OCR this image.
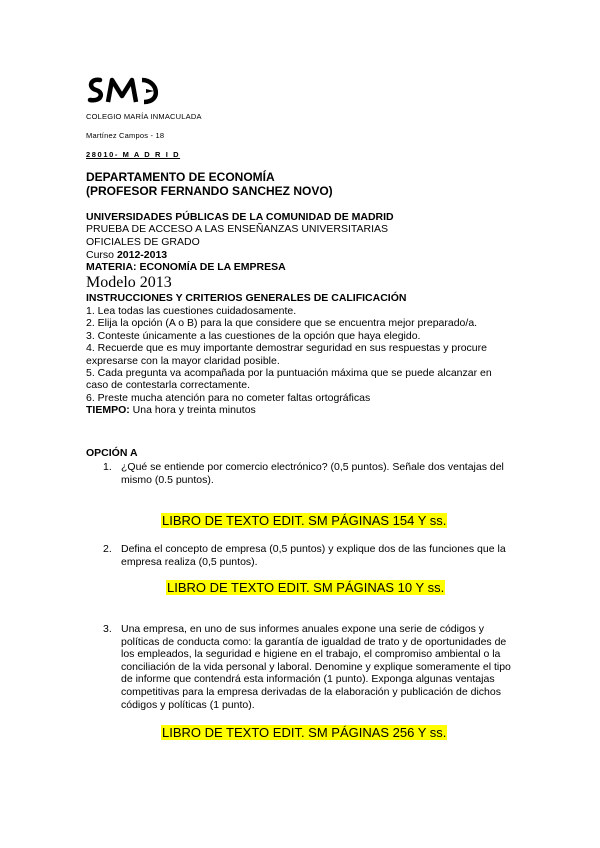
COLEGIO MARÍA INMACULADA
Martínez Campos - 18
28010- M A D R I D
DEPARTAMENTO DE ECONOMÍA
(PROFESOR FERNANDO SANCHEZ NOVO)
UNIVERSIDADES PÚBLICAS DE LA COMUNIDAD DE MADRID
PRUEBA DE ACCESO A LAS ENSEÑANZAS UNIVERSITARIAS
OFICIALES DE GRADO
Curso 2012-2013
MATERIA: ECONOMÍA DE LA EMPRESA
Modelo 2013
INSTRUCCIONES Y CRITERIOS GENERALES DE CALIFICACIÓN
1. Lea todas las cuestiones cuidadosamente.
2. Elija la opción (A o B) para la que considere que se encuentra mejor preparado/a.
3. Conteste únicamente a las cuestiones de la opción que haya elegido.
4. Recuerde que es muy importante demostrar seguridad en sus respuestas y procure
expresarse con la mayor claridad posible.
5. Cada pregunta va acompañada por la puntuación máxima que se puede alcanzar en
caso de contestarla correctamente.
6. Preste mucha atención para no cometer faltas ortográficas
TIEMPO: Una hora y treinta minutos
OPCIÓN A
1. ¿Qué se entiende por comercio electrónico? (0,5 puntos). Señale dos ventajas del mismo (0.5 puntos).
LIBRO DE TEXTO EDIT. SM PÁGINAS 154 Y ss.
2. Defina el concepto de empresa (0,5 puntos) y explique dos de las funciones que la empresa realiza (0,5 puntos).
LIBRO DE TEXTO EDIT. SM PÁGINAS 10 Y ss.
3. Una empresa, en uno de sus informes anuales expone una serie de códigos y políticas de conducta como: la garantía de igualdad de trato y de oportunidades de los empleados, la seguridad e higiene en el trabajo, el compromiso ambiental o la conciliación de la vida personal y laboral. Denomine y explique someramente el tipo de informe que contendrá esta información (1 punto). Exponga algunas ventajas competitivas para la empresa derivadas de la elaboración y publicación de dichos códigos y políticas (1 punto).
LIBRO DE TEXTO EDIT. SM PÁGINAS 256 Y ss.
